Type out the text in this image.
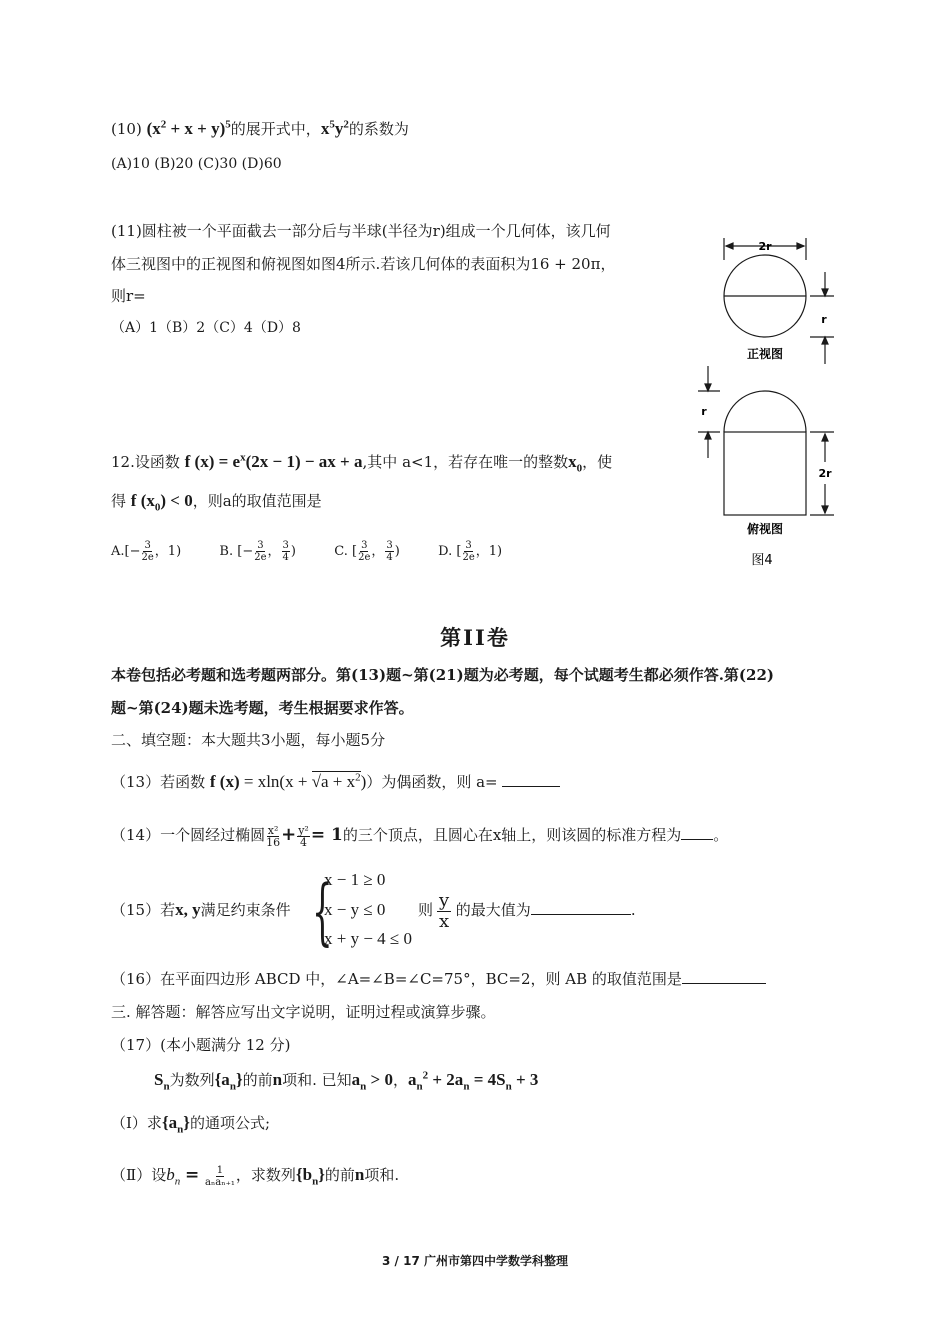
(10) $(x^2 + x + y)^5$的展开式中，$x^5y^2$的系数为
(A)10 (B)20 (C)30 (D)60
(11)圆柱被一个平面截去一部分后与半球(半径为r)组成一个几何体，该几何
体三视图中的正视图和俯视图如图4所示.若该几何体的表面积为16 + 20π，
则r=
（A）1（B）2（C）4（D）8
12.设函数 f $(x) = e^x(2x - 1)$ − ax + a,其中 a<1，若存在唯一的整数$x_0$，使
得 f $(x_0) < 0$，则a的取值范围是
$A.[- \frac{3}{2e}$ ，1)	B. [− $\frac{3}{2e}$ ， $\frac{3}{4}$ )	C. [ $\frac{3}{2e}$ ， $\frac{3}{4}$ )	D. [ $\frac{3}{2e}$ ，1)
2r
r
正视图
r
2r
俯视图
图4
第II卷
本卷包括必考题和选考题两部分。第(13)题~第(21)题为必考题，每个试题考生都必须作答.第(22)
题~第(24)题未选考题，考生根据要求作答。
二、填空题：本大题共3小题，每小题5分
（13）若函数 f $(x) = xln(x + √a + x^2)$）为偶函数，则 a=
（14）一个圆经过椭圆 $\frac{\text{x²}}{16} + \frac{\text{y²}}{4} = 1$的三个顶点，且圆心在x轴上，则该圆的标准方程为 。
（15）若x, y满足约束条件 {
x − 1 ≥ 0
x − y ≤ 0
x + y − 4 ≤ 0
则 的最大值为	.
y
x
（16）在平面四边形 ABCD 中，∠A=∠B=∠C=75°，BC=2，则 AB 的取值范围是
三. 解答题：解答应写出文字说明，证明过程或演算步骤。
（17）(本小题满分 12 分)
$S_n$为数列$\{a_n\}$的前n项和. 已知$a_n > 0$，$a_n^2 + 2a_n = 4S_n + 3$
（Ⅰ）求$\{a_n\}$的通项公式;
（Ⅱ）设$b_n = \frac{1}{\text{aₙaₙ₊₁}}$ ，求数列$\{b_n\}$的前n项和.
3 / 17 广州市第四中学数学科整理
